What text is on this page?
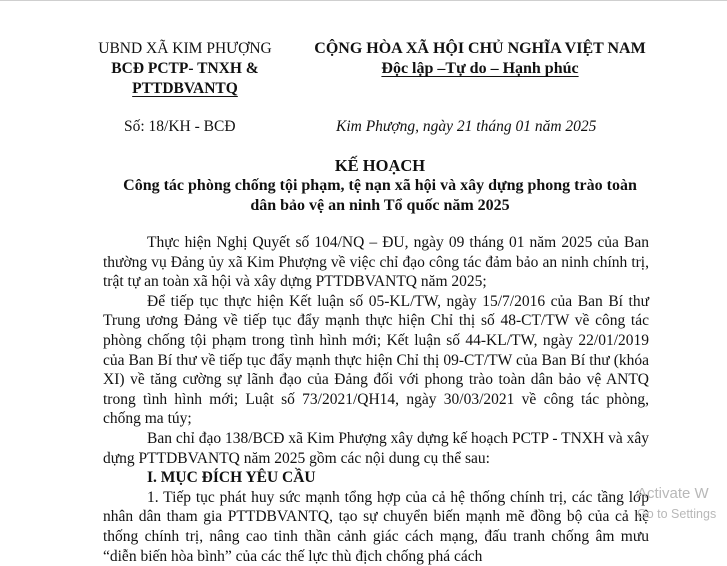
UBND XÃ KIM PHƯỢNG
BCĐ PCTP- TNXH &
PTTDBVANTQ
CỘNG HÒA XÃ HỘI CHỦ NGHĨA VIỆT NAM
Độc lập –Tự do – Hạnh phúc
Số: 18/KH - BCĐ	Kim Phượng, ngày 21 tháng 01 năm 2025
KẾ HOẠCH
Công tác phòng chống tội phạm, tệ nạn xã hội và xây dựng phong trào toàn
dân bảo vệ an ninh Tổ quốc năm 2025

Thực hiện Nghị Quyết số 104/NQ – ĐU, ngày 09 tháng 01 năm 2025 của Ban thường vụ Đảng ủy xã Kim Phượng về việc chỉ đạo công tác đảm bảo an ninh chính trị, trật tự an toàn xã hội và xây dựng PTTDBVANTQ năm 2025;

Để tiếp tục thực hiện Kết luận số 05-KL/TW, ngày 15/7/2016 của Ban Bí thư Trung ương Đảng về tiếp tục đẩy mạnh thực hiện Chỉ thị số 48-CT/TW về công tác phòng chống tội phạm trong tình hình mới; Kết luận số 44-KL/TW, ngày 22/01/2019 của Ban Bí thư về tiếp tục đẩy mạnh thực hiện Chỉ thị 09-CT/TW của Ban Bí thư (khóa XI) về tăng cường sự lãnh đạo của Đảng đối với phong trào toàn dân bảo vệ ANTQ trong tình hình mới; Luật số 73/2021/QH14, ngày 30/03/2021 về công tác phòng, chống ma túy;

Ban chỉ đạo 138/BCĐ xã Kim Phượng xây dựng kế hoạch PCTP - TNXH và xây dựng PTTDBVANTQ năm 2025 gồm các nội dung cụ thể sau:

I. MỤC ĐÍCH YÊU CẦU

1. Tiếp tục phát huy sức mạnh tổng hợp của cả hệ thống chính trị, các tầng lớp nhân dân tham gia PTTDBVANTQ, tạo sự chuyển biến mạnh mẽ đồng bộ của cả hệ thống chính trị, nâng cao tinh thần cảnh giác cách mạng, đấu tranh chống âm mưu “diễn biến hòa bình” của các thế lực thù địch chống phá cách

Activate W
Go to Settings
